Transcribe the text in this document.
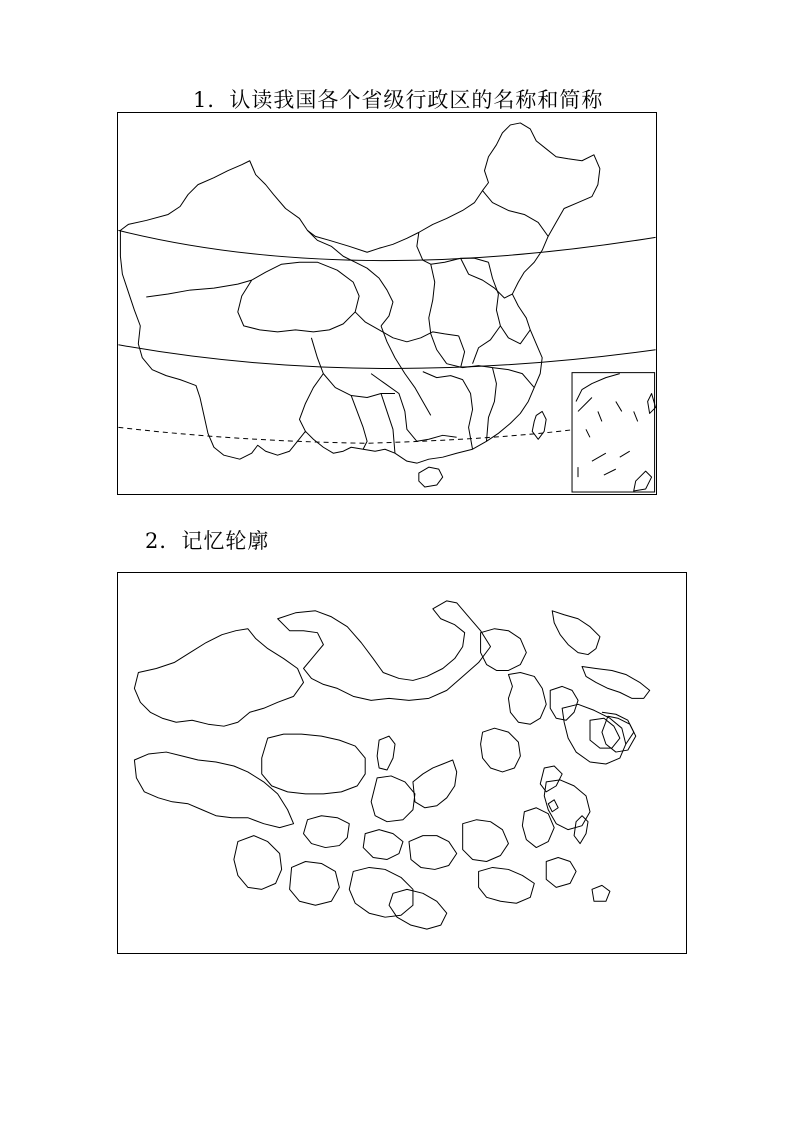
1．认读我国各个省级行政区的名称和简称
2．记忆轮廓
